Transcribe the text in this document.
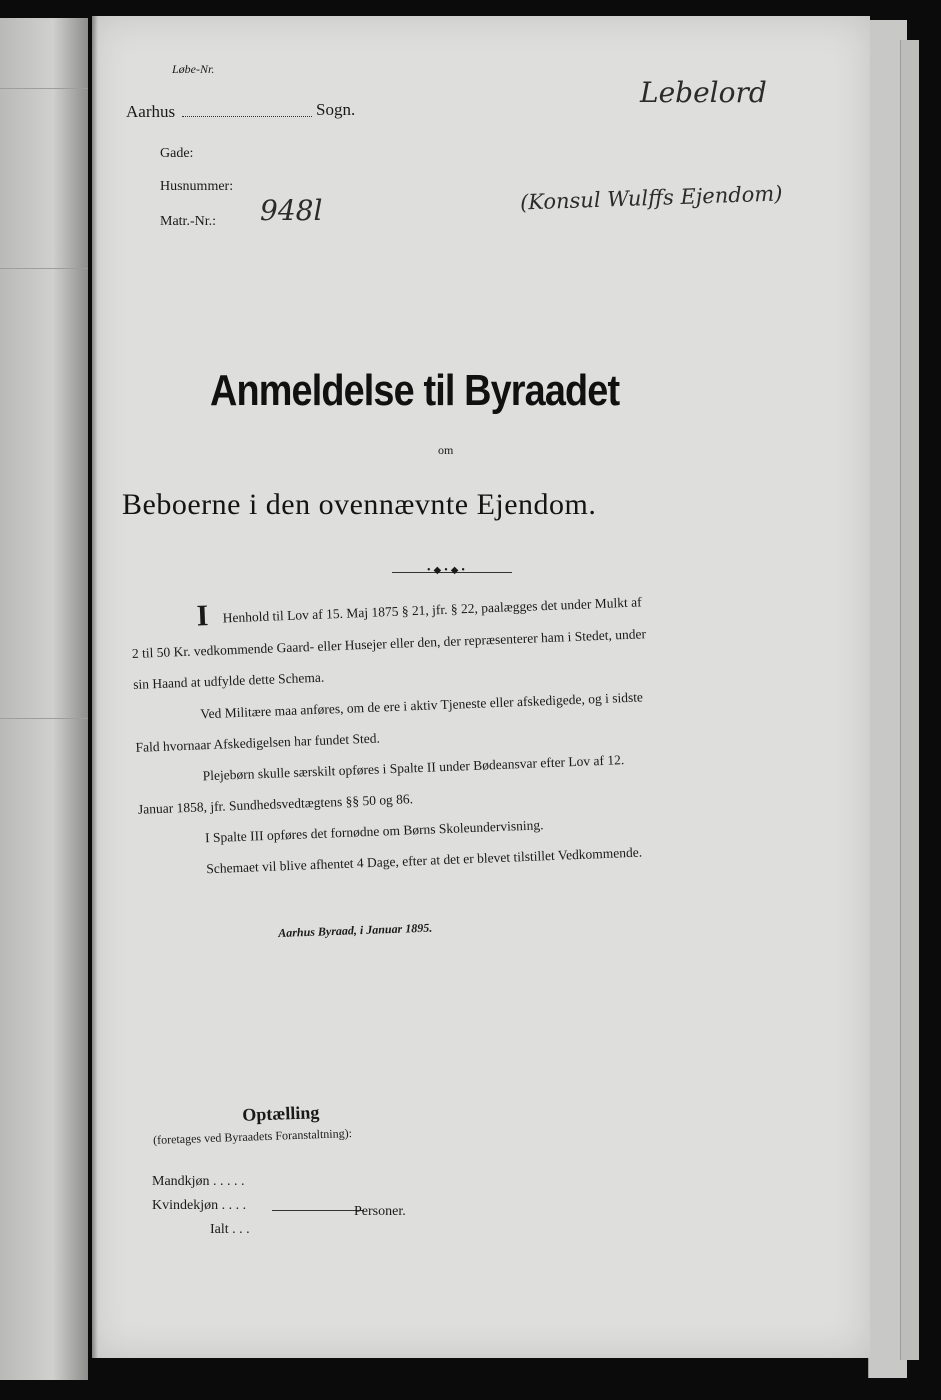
Løbe-Nr.
Aarhus	Sogn.
Gade:
Husnummer:
Matr.-Nr.:
Lebelord
948l	(Konsul Wulffs Ejendom)
Anmeldelse til Byraadet
om
Beboerne i den ovennævnte Ejendom.
•◆•◆•
I Henhold til Lov af 15. Maj 1875 § 21, jfr. § 22, paalægges det under Mulkt af
2 til 50 Kr. vedkommende Gaard- eller Husejer eller den, der repræsenterer ham i Stedet, under
sin Haand at udfylde dette Schema.
Ved Militære maa anføres, om de ere i aktiv Tjeneste eller afskedigede, og i sidste
Fald hvornaar Afskedigelsen har fundet Sted.
Plejebørn skulle særskilt opføres i Spalte II under Bødeansvar efter Lov af 12.
Januar 1858, jfr. Sundhedsvedtægtens §§ 50 og 86.
I Spalte III opføres det fornødne om Børns Skoleundervisning.
Schemaet vil blive afhentet 4 Dage, efter at det er blevet tilstillet Vedkommende.
Aarhus Byraad, i Januar 1895.
Optælling
(foretages ved Byraadets Foranstaltning):
Mandkjøn . . . . .
Kvindekjøn . . . .
Ialt . . .
Personer.
